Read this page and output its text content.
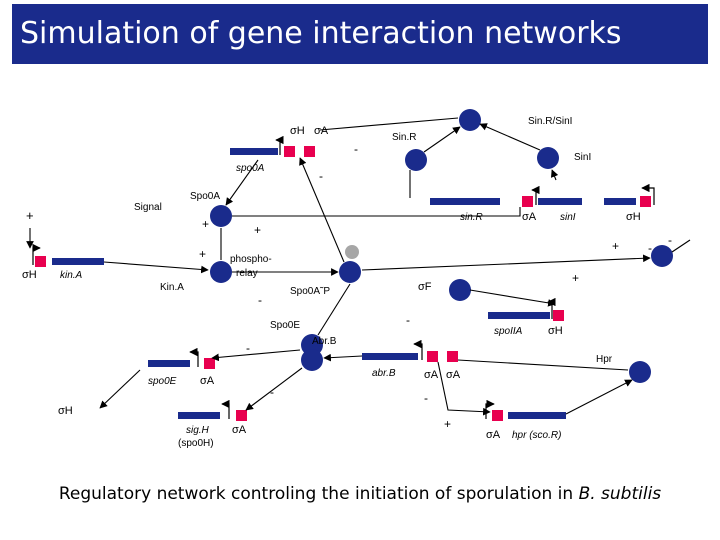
Simulation of gene interaction networks
σH σA
Sin.R/SinI
-
Sin.R
SinI
spo0A
-
Signal
Spo0A
+
+	+
+
σH kin.A
Kin.A
phospho-
relay
-
Spo0A˜P
sin.R	σA sinI	σH
+ -
-
σF
+
Spo0E	-
Abr.B
spoIIA σH
-
Hpr
abr.B	σA σA
spo0E σA
-	-
σH
sig.H
(spo0H)
σA	+
σA hpr (sco.R)
Regulatory network controling the initiation of sporulation in B. subtilis
